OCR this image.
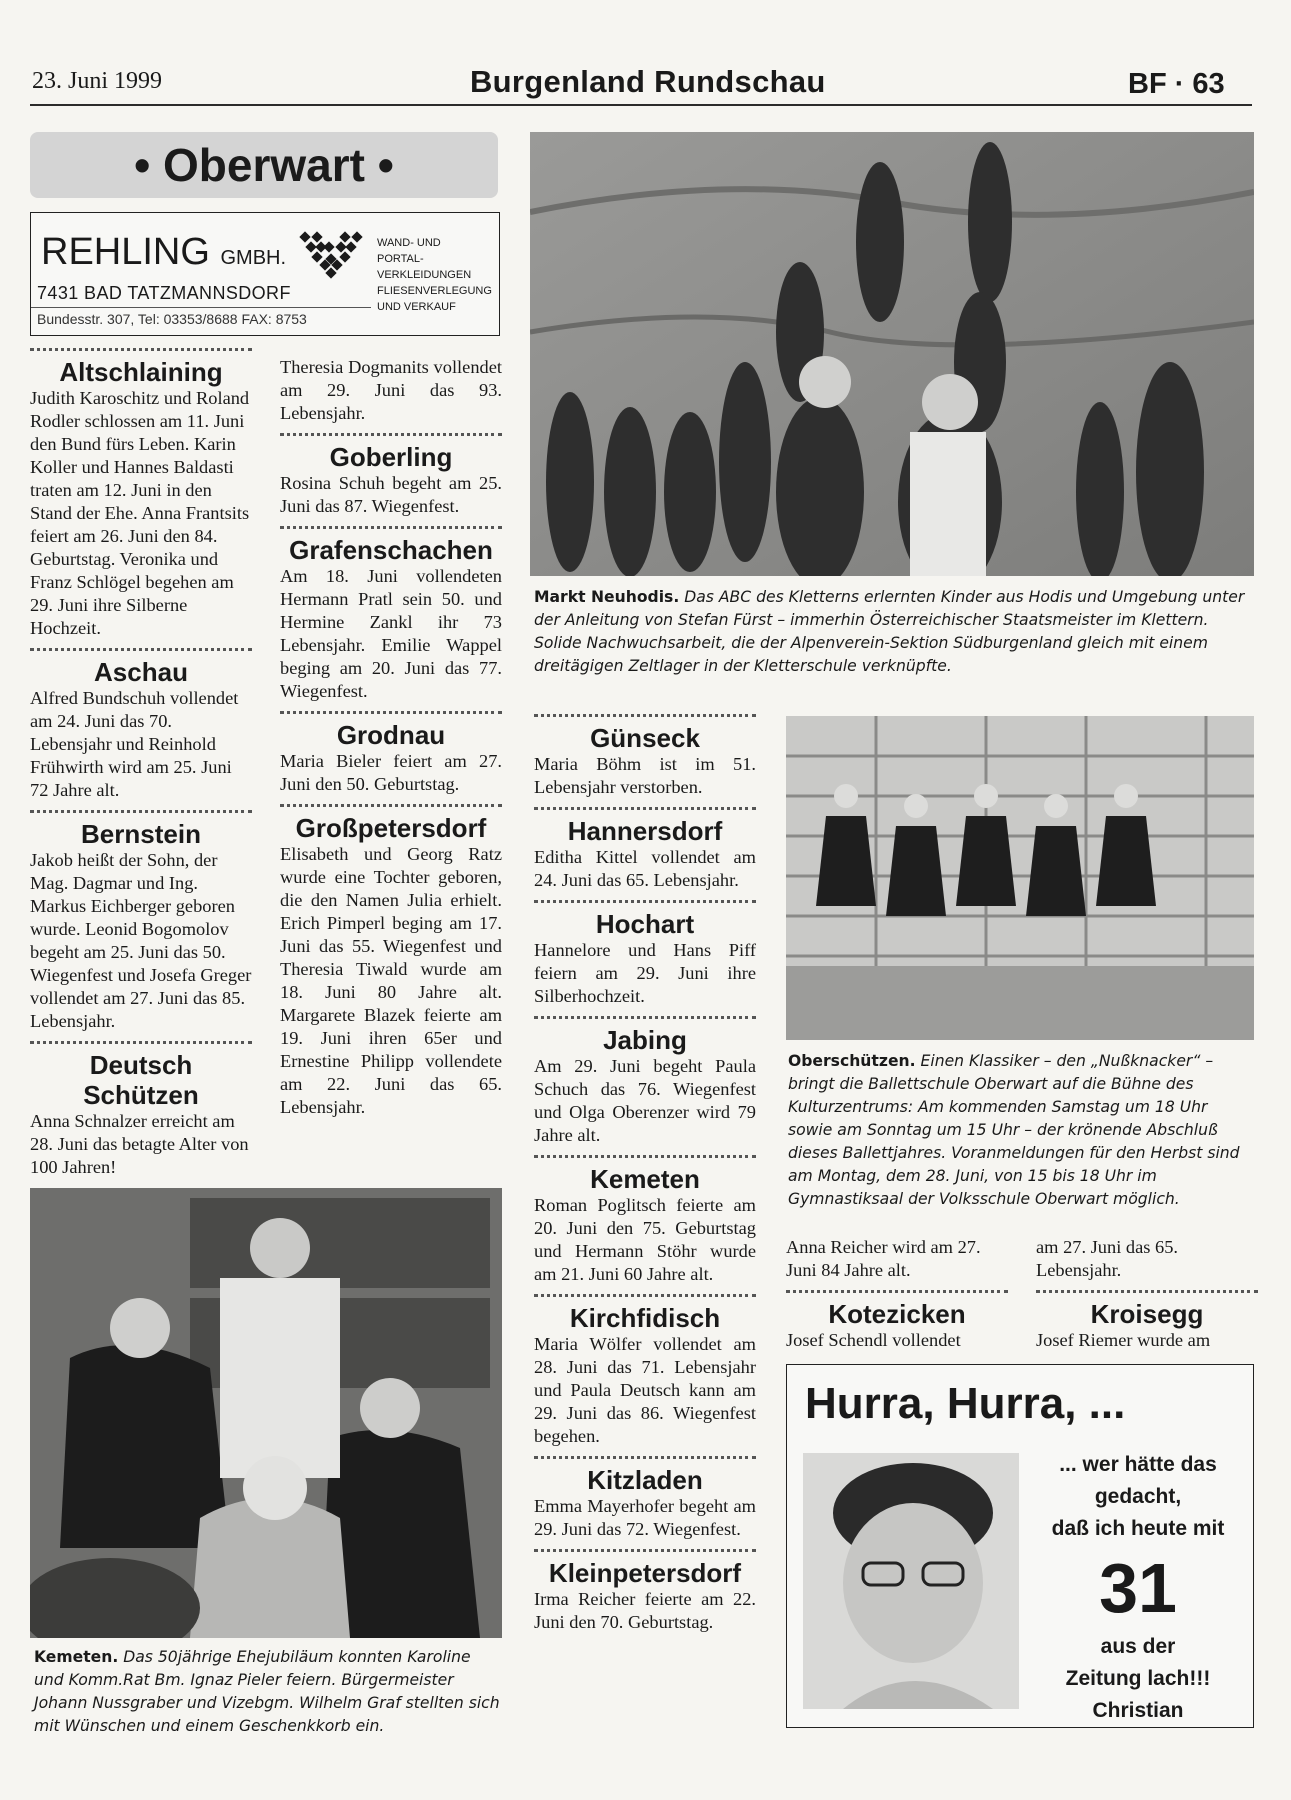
23. Juni 1999	Burgenland Rundschau	BF · 63
• Oberwart •
REHLING GMBH.
WAND- UND
PORTAL-
VERKLEIDUNGEN
FLIESENVERLEGUNG
UND VERKAUF
7431 BAD TATZMANNSDORF
Bundesstr. 307, Tel: 03353/8688 FAX: 8753
Altschlaining
Judith Karoschitz und Roland Rodler schlossen am 11. Juni den Bund fürs Leben. Karin Koller und Hannes Baldasti traten am 12. Juni in den Stand der Ehe. Anna Frantsits feiert am 26. Juni den 84. Geburtstag. Veronika und Franz Schlögel begehen am 29. Juni ihre Silberne Hochzeit.
Aschau
Alfred Bundschuh vollendet am 24. Juni das 70. Lebensjahr und Reinhold Frühwirth wird am 25. Juni 72 Jahre alt.
Bernstein
Jakob heißt der Sohn, der Mag. Dagmar und Ing. Markus Eichberger geboren wurde. Leonid Bogomolov begeht am 25. Juni das 50. Wiegenfest und Josefa Greger vollendet am 27. Juni das 85. Lebensjahr.
Deutsch Schützen
Anna Schnalzer erreicht am 28. Juni das betagte Alter von 100 Jahren!
Theresia Dogmanits vollendet am 29. Juni das 93. Lebensjahr.
Goberling
Rosina Schuh begeht am 25. Juni das 87. Wiegenfest.
Grafenschachen
Am 18. Juni vollendeten Hermann Pratl sein 50. und Hermine Zankl ihr 73 Lebensjahr. Emilie Wappel beging am 20. Juni das 77. Wiegenfest.
Grodnau
Maria Bieler feiert am 27. Juni den 50. Geburtstag.
Großpetersdorf
Elisabeth und Georg Ratz wurde eine Tochter geboren, die den Namen Julia erhielt. Erich Pimperl beging am 17. Juni das 55. Wiegenfest und Theresia Tiwald wurde am 18. Juni 80 Jahre alt. Margarete Blazek feierte am 19. Juni ihren 65er und Ernestine Philipp vollendete am 22. Juni das 65. Lebensjahr.
Markt Neuhodis. Das ABC des Kletterns erlernten Kinder aus Hodis und Umgebung unter der Anleitung von Stefan Fürst – immerhin Österreichischer Staatsmeister im Klettern. Solide Nachwuchsarbeit, die der Alpenverein-Sektion Südburgenland gleich mit einem dreitägigen Zeltlager in der Kletterschule verknüpfte.
Günseck
Maria Böhm ist im 51. Lebensjahr verstorben.
Hannersdorf
Editha Kittel vollendet am 24. Juni das 65. Lebensjahr.
Hochart
Hannelore und Hans Piff feiern am 29. Juni ihre Silberhochzeit.
Jabing
Am 29. Juni begeht Paula Schuch das 76. Wiegenfest und Olga Oberenzer wird 79 Jahre alt.
Kemeten
Roman Poglitsch feierte am 20. Juni den 75. Geburtstag und Hermann Stöhr wurde am 21. Juni 60 Jahre alt.
Kirchfidisch
Maria Wölfer vollendet am 28. Juni das 71. Lebensjahr und Paula Deutsch kann am 29. Juni das 86. Wiegenfest begehen.
Kitzladen
Emma Mayerhofer begeht am 29. Juni das 72. Wiegenfest.
Kleinpetersdorf
Irma Reicher feierte am 22. Juni den 70. Geburtstag.
Oberschützen. Einen Klassiker – den „Nußknacker“ – bringt die Ballettschule Oberwart auf die Bühne des Kulturzentrums: Am kommenden Samstag um 18 Uhr sowie am Sonntag um 15 Uhr – der krönende Abschluß dieses Ballettjahres. Voranmeldungen für den Herbst sind am Montag, dem 28. Juni, von 15 bis 18 Uhr im Gymnastiksaal der Volksschule Oberwart möglich.
Anna Reicher wird am 27. Juni 84 Jahre alt.
Kotezicken
Josef Schendl vollendet
am 27. Juni das 65. Lebensjahr.
Kroisegg
Josef Riemer wurde am
Kemeten. Das 50jährige Ehejubiläum konnten Karoline und Komm.Rat Bm. Ignaz Pieler feiern. Bürgermeister Johann Nussgraber und Vizebgm. Wilhelm Graf stellten sich mit Wünschen und einem Geschenkkorb ein.
Hurra, Hurra, ...
... wer hätte das
gedacht,
daß ich heute mit
31
aus der
Zeitung lach!!!
Christian
